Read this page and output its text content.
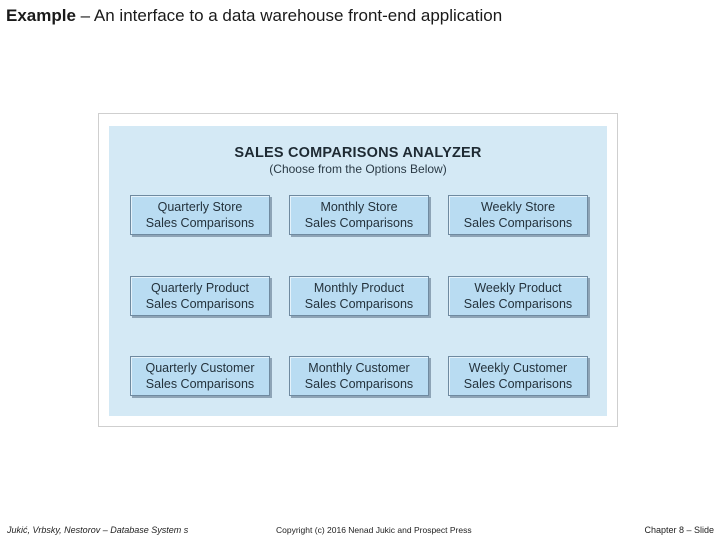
Example – An interface to a data warehouse front-end application
SALES COMPARISONS ANALYZER
(Choose from the Options Below)
Quarterly Store
Sales Comparisons
Monthly Store
Sales Comparisons
Weekly Store
Sales Comparisons
Quarterly Product
Sales Comparisons
Monthly Product
Sales Comparisons
Weekly Product
Sales Comparisons
Quarterly Customer
Sales Comparisons
Monthly Customer
Sales Comparisons
Weekly Customer
Sales Comparisons
Jukić, Vrbsky, Nestorov – Database System s	Copyright (c) 2016 Nenad Jukic and Prospect Press	Chapter 8 – Slide
